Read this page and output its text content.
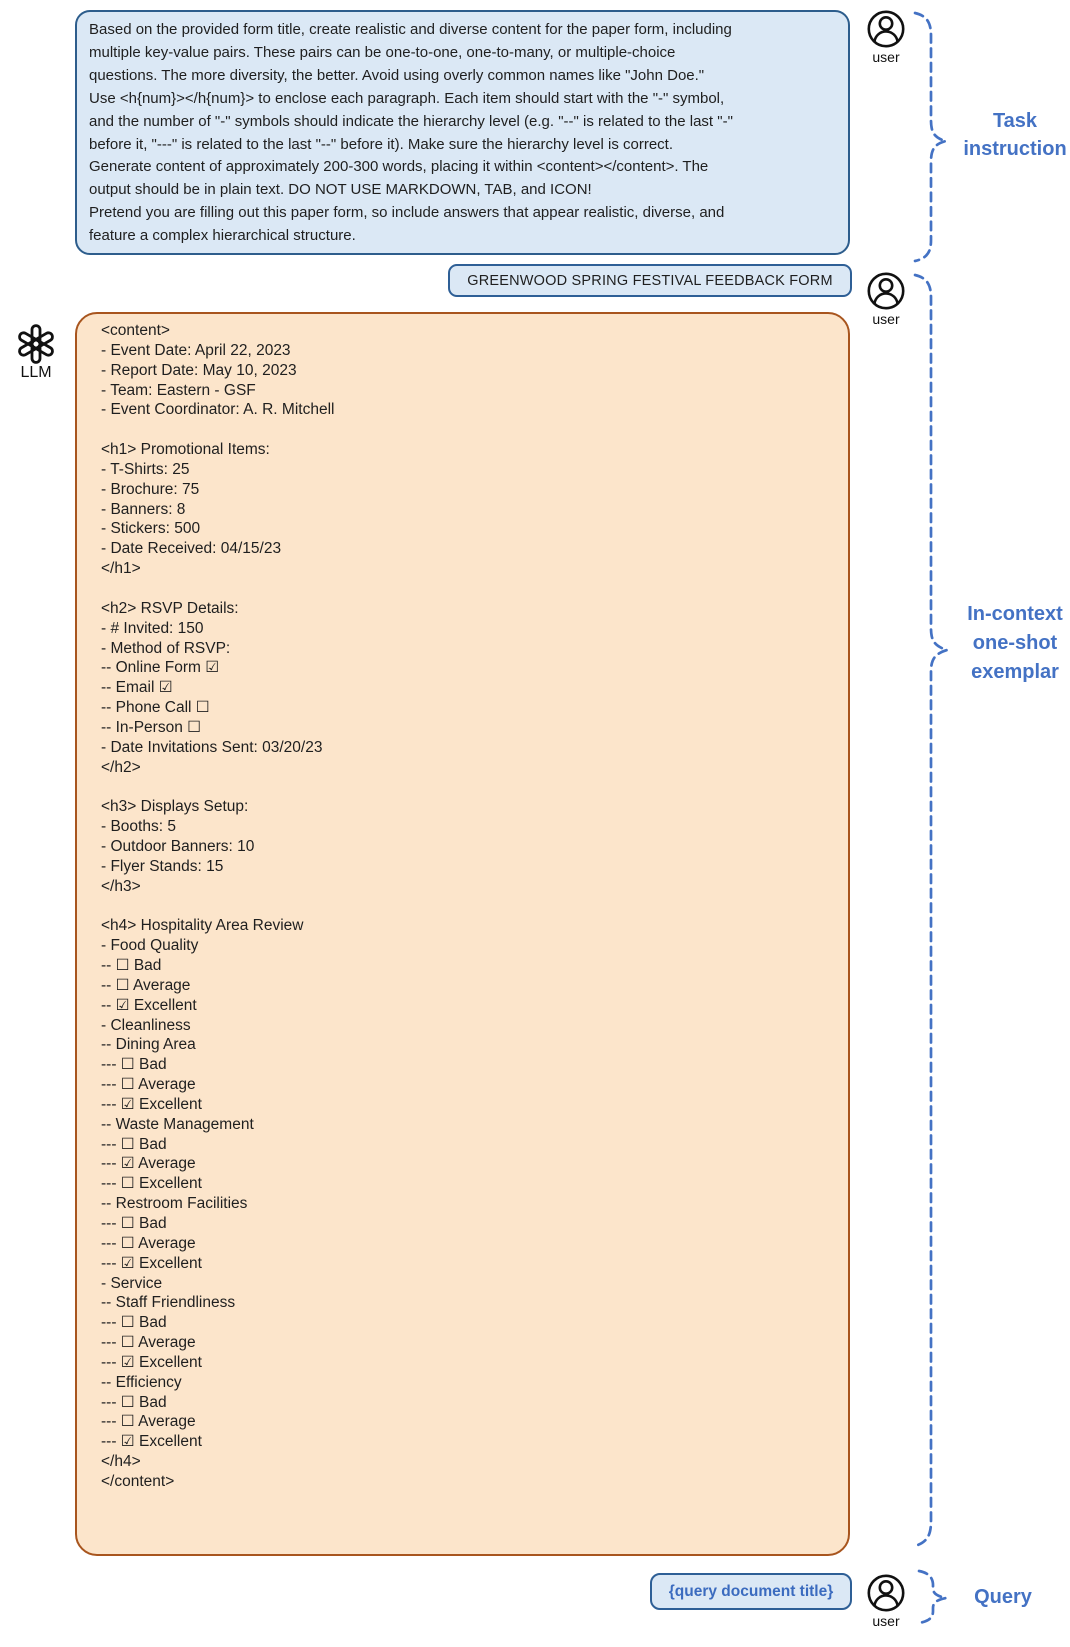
Based on the provided form title, create realistic and diverse content for the paper form, including
multiple key-value pairs. These pairs can be one-to-one, one-to-many, or multiple-choice
questions. The more diversity, the better. Avoid using overly common names like "John Doe."
Use <h{num}></h{num}> to enclose each paragraph. Each item should start with the "-" symbol,
and the number of "-" symbols should indicate the hierarchy level (e.g. "--" is related to the last "-"
before it, "---" is related to the last "--" before it). Make sure the hierarchy level is correct.
Generate content of approximately 200-300 words, placing it within <content></content>. The
output should be in plain text. DO NOT USE MARKDOWN, TAB, and ICON!
Pretend you are filling out this paper form, so include answers that appear realistic, diverse, and
feature a complex hierarchical structure.
user
GREENWOOD SPRING FESTIVAL FEEDBACK FORM
user
LLM
<content>
- Event Date: April 22, 2023
- Report Date: May 10, 2023
- Team: Eastern - GSF
- Event Coordinator: A. R. Mitchell

<h1> Promotional Items:
- T-Shirts: 25
- Brochure: 75
- Banners: 8
- Stickers: 500
- Date Received: 04/15/23
</h1>

<h2> RSVP Details:
- # Invited: 150
- Method of RSVP:
-- Online Form ☑
-- Email ☑
-- Phone Call ☐
-- In-Person ☐
- Date Invitations Sent: 03/20/23
</h2>

<h3> Displays Setup:
- Booths: 5
- Outdoor Banners: 10
- Flyer Stands: 15
</h3>

<h4> Hospitality Area Review
- Food Quality
-- ☐ Bad
-- ☐ Average
-- ☑ Excellent
- Cleanliness
-- Dining Area
--- ☐ Bad
--- ☐ Average
--- ☑ Excellent
-- Waste Management
--- ☐ Bad
--- ☑ Average
--- ☐ Excellent
-- Restroom Facilities
--- ☐ Bad
--- ☐ Average
--- ☑ Excellent
- Service
-- Staff Friendliness
--- ☐ Bad
--- ☐ Average
--- ☑ Excellent
-- Efficiency
--- ☐ Bad
--- ☐ Average
--- ☑ Excellent
</h4>
</content>
{query document title}
user
Task
instruction
In-context
one-shot
exemplar
Query
